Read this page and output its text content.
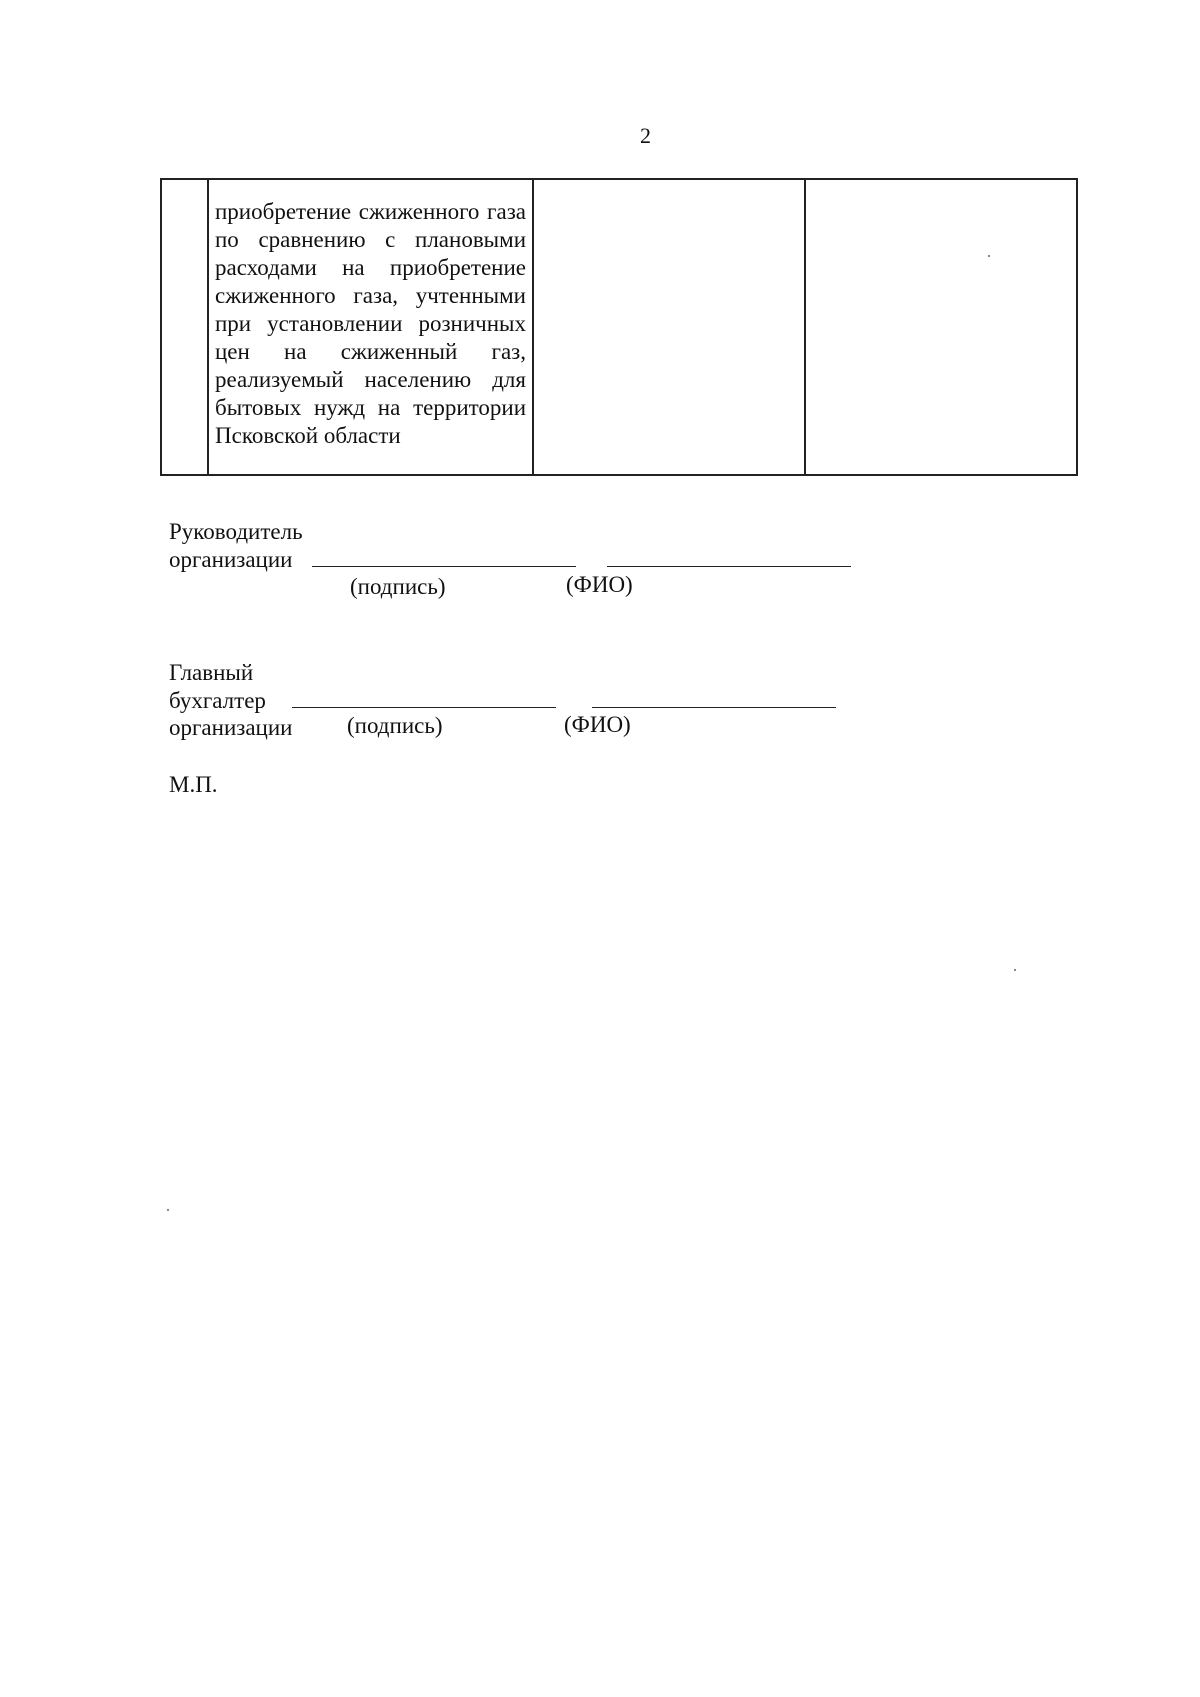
2

приобретение сжиженного газа по сравнению с плановыми расходами на приобретение сжиженного газа, учтенными при установлении розничных цен на сжиженный газ, реализуемый населению для бытовых нужд на территории Псковской области

Руководитель
организации
(подпись)	(ФИО)
Главный
бухгалтер
организации (подпись)	(ФИО)
М.П.
